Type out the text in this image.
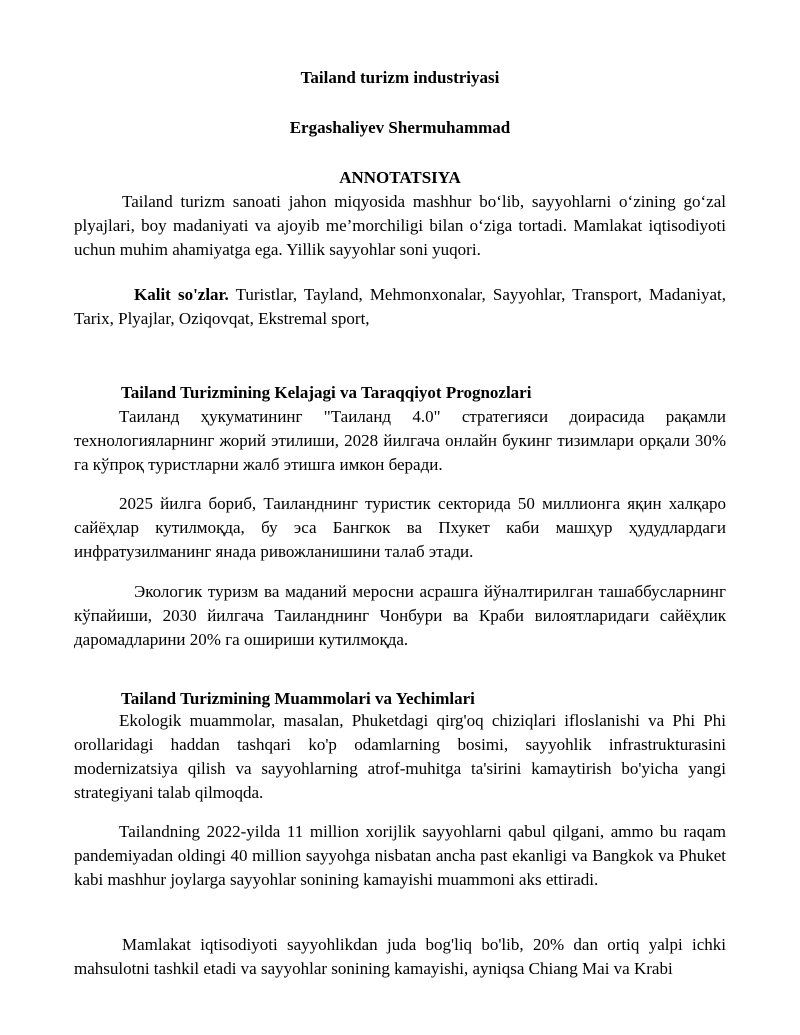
Tailand turizm industriyasi
Ergashaliyev Shermuhammad
ANNOTATSIYA
Tailand turizm sanoati jahon miqyosida mashhur bo‘lib, sayyohlarni o‘zining go‘zal plyajlari, boy madaniyati va ajoyib me’morchiligi bilan o‘ziga tortadi. Mamlakat iqtisodiyoti uchun muhim ahamiyatga ega. Yillik sayyohlar soni yuqori.
Kalit so'zlar. Turistlar, Tayland, Mehmonxonalar, Sayyohlar, Transport, Madaniyat, Tarix, Plyajlar, Oziqovqat, Ekstremal sport,
Tailand Turizmining Kelajagi va Taraqqiyot Prognozlari
Таиланд ҳукуматининг "Таиланд 4.0" стратегияси доирасида рақамли технологияларнинг жорий этилиши, 2028 йилгача онлайн букинг тизимлари орқали 30% га кўпроқ туристларни жалб этишга имкон беради.
2025 йилга бориб, Таиланднинг туристик секторида 50 миллионга яқин халқаро сайёҳлар кутилмоқда, бу эса Бангкок ва Пхукет каби машҳур ҳудудлардаги инфратузилманинг янада ривожланишини талаб этади.
Экологик туризм ва маданий меросни асрашга йўналтирилган ташаббусларнинг кўпайиши, 2030 йилгача Таиланднинг Чонбури ва Краби вилоятларидаги сайёҳлик даромадларини 20% га ошириши кутилмоқда.
Tailand Turizmining Muammolari va Yechimlari
Ekologik muammolar, masalan, Phuketdagi qirg'oq chiziqlari ifloslanishi va Phi Phi orollaridagi haddan tashqari ko'p odamlarning bosimi, sayyohlik infrastrukturasini modernizatsiya qilish va sayyohlarning atrof-muhitga ta'sirini kamaytirish bo'yicha yangi strategiyani talab qilmoqda.
Tailandning 2022-yilda 11 million xorijlik sayyohlarni qabul qilgani, ammo bu raqam pandemiyadan oldingi 40 million sayyohga nisbatan ancha past ekanligi va Bangkok va Phuket kabi mashhur joylarga sayyohlar sonining kamayishi muammoni aks ettiradi.
Mamlakat iqtisodiyoti sayyohlikdan juda bog'liq bo'lib, 20% dan ortiq yalpi ichki mahsulotni tashkil etadi va sayyohlar sonining kamayishi, ayniqsa Chiang Mai va Krabi
